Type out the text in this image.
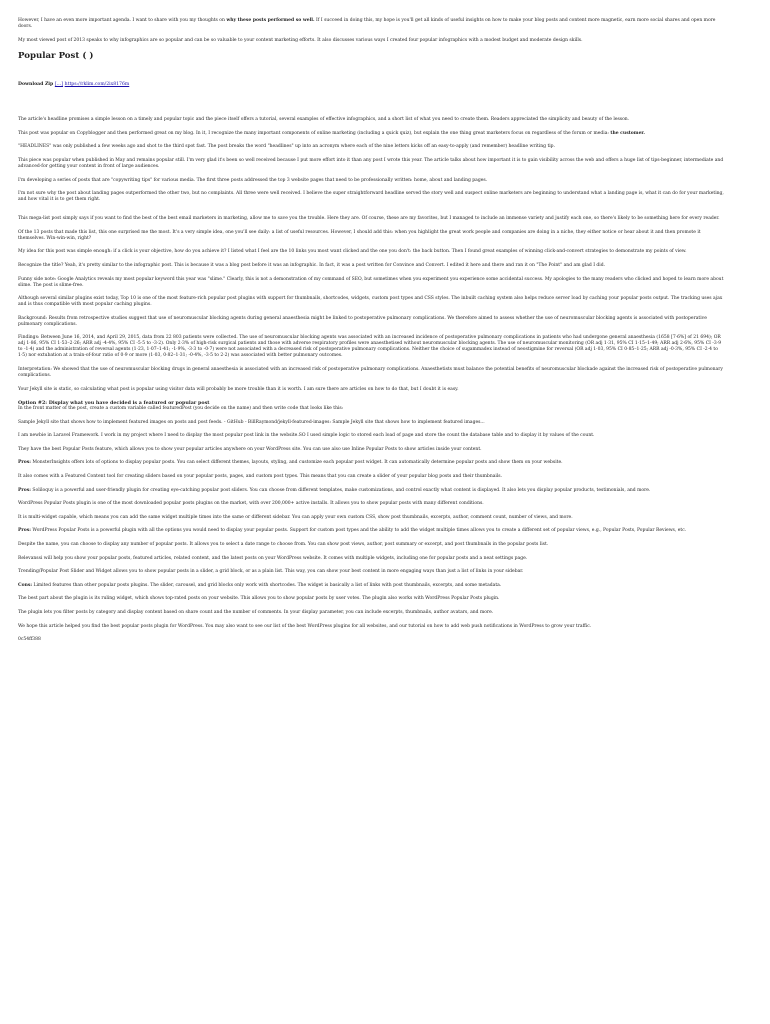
However, I have an even more important agenda. I want to share with you my thoughts on why these posts performed so well. If I succeed in doing this, my hope is you'll get all kinds of useful insights on how to make your blog posts and content more magnetic, earn more social shares and open more doors.

My most viewed post of 2013 speaks to why infographics are so popular and can be so valuable to your content marketing efforts. It also discusses various ways I created four popular infographics with a modest budget and moderate design skills.

Popular Post ( )

Download Zip […] https://rklim.com/2ix8176m

The article's headline promises a simple lesson on a timely and popular topic and the piece itself offers a tutorial, several examples of effective infographics, and a short list of what you need to create them. Readers appreciated the simplicity and beauty of the lesson.

This post was popular on Copyblogger and then performed great on my blog. In it, I recognize the many important components of online marketing (including a quick quiz), but explain the one thing great marketers focus on regardless of the forum or media: the customer.

"HEADLINES" was only published a few weeks ago and shot to the third spot fast. The post breaks the word "headlines" up into an acronym where each of the nine letters kicks off an easy-to-apply (and remember) headline writing tip.

This piece was popular when published in May and remains popular still. I'm very glad it's been so well received because I put more effort into it than any post I wrote this year. The article talks about how important it is to gain visibility across the web and offers a huge list of tips-beginner, intermediate and advanced-for getting your content in front of large audiences.

I'm developing a series of posts that are "copywriting tips" for various media. The first three posts addressed the top 3 website pages that need to be professionally written: home, about and landing pages.

I'm not sure why the post about landing pages outperformed the other two, but no complaints. All three were well received. I believe the super straightforward headline served the story well and suspect online marketers are beginning to understand what a landing page is, what it can do for your marketing, and how vital it is to get them right.

This mega-list post simply says if you want to find the best of the best email marketers in marketing, allow me to save you the trouble. Here they are. Of course, these are my favorites, but I managed to include an immense variety and justify each one, so there's likely to be something here for every reader.

Of the 13 posts that made this list, this one surprised me the most. It's a very simple idea, one you'll see daily: a list of useful resources. However, I should add this: when you highlight the great work people and companies are doing in a niche, they either notice or hear about it and then promote it themselves. Win-win-win, right?

My idea for this post was simple enough: if a click is your objective, how do you achieve it? I listed what I feel are the 10 links you most want clicked and the one you don't: the back button. Then I found great examples of winning click-and-convert strategies to demonstrate my points of view.

Recognize the title? Yeah, it's pretty similar to the infographic post. This is because it was a blog post before it was an infographic. In fact, it was a post written for Convince and Convert. I edited it here and there and ran it on "The Point" and am glad I did.

Funny side note: Google Analytics reveals my most popular keyword this year was "slime." Clearly, this is not a demonstration of my command of SEO, but sometimes when you experiment you experience some accidental success. My apologies to the many readers who clicked and hoped to learn more about slime. The post is slime-free.

Although several similar plugins exist today, Top 10 is one of the most feature-rich popular post plugins with support for thumbnails, shortcodes, widgets, custom post types and CSS styles. The inbuilt caching system also helps reduce server load by caching your popular posts output. The tracking uses ajax and is thus compatible with most popular caching plugins.

Background: Results from retrospective studies suggest that use of neuromuscular blocking agents during general anaesthesia might be linked to postoperative pulmonary complications. We therefore aimed to assess whether the use of neuromuscular blocking agents is associated with postoperative pulmonary complications.

Findings: Between June 16, 2014, and April 29, 2015, data from 22 803 patients were collected. The use of neuromuscular blocking agents was associated with an increased incidence of postoperative pulmonary complications in patients who had undergone general anaesthesia (1658 [7·6%] of 21 694); OR adj 1·86, 95% CI 1·53–2·26; ARR adj -4·4%, 95% CI -5·5 to -3·2). Only 2·3% of high-risk surgical patients and those with adverse respiratory profiles were anaesthetised without neuromuscular blocking agents. The use of neuromuscular monitoring (OR adj 1·31, 95% CI 1·15–1·49; ARR adj 2·6%, 95% CI -3·9 to -1·4) and the administration of reversal agents (1·23, 1·07–1·41; -1·9%, -3·3 to -0·7) were not associated with a decreased risk of postoperative pulmonary complications. Neither the choice of sugammadex instead of neostigmine for reversal (OR adj 1·03, 95% CI 0·85–1·25; ARR adj -0·3%, 95% CI -2·4 to 1·5) nor extubation at a train-of-four ratio of 0·9 or more (1·03, 0·82–1·31; -0·4%, -3·5 to 2·2) was associated with better pulmonary outcomes.

Interpretation: We showed that the use of neuromuscular blocking drugs in general anaesthesia is associated with an increased risk of postoperative pulmonary complications. Anaesthetists must balance the potential benefits of neuromuscular blockade against the increased risk of postoperative pulmonary complications.

Your Jekyll site is static, so calculating what post is popular using visitor data will probably be more trouble than it is worth. I am sure there are articles on how to do that, but I doubt it is easy.

Option #2: Display what you have decided is a featured or popular post

In the front matter of the post, create a custom variable called featuredPost (you decide on the name) and then write code that looks like this:

Sample Jekyll site that shows how to implement featured images on posts and post feeds. - GitHub - BillRaymond/jekyll-featured-images: Sample Jekyll site that shows how to implement featured images...

I am newbie in Laravel Framework. I work in my project where I need to display the most popular post link in the website.SO I used simple logic to stored each load of page and store the count the database table and to display it by values of the count.

They have the best Popular Posts feature, which allows you to show your popular articles anywhere on your WordPress site. You can use also use Inline Popular Posts to show articles inside your content.

Pros: MonsterInsights offers lots of options to display popular posts. You can select different themes, layouts, styling, and customize each popular post widget. It can automatically determine popular posts and show them on your website.

It also comes with a Featured Content tool for creating sliders based on your popular posts, pages, and custom post types. This means that you can create a slider of your popular blog posts and their thumbnails.

Pros: Soliloquy is a powerful and user-friendly plugin for creating eye-catching popular post sliders. You can choose from different templates, make customizations, and control exactly what content is displayed. It also lets you display popular products, testimonials, and more.

WordPress Popular Posts plugin is one of the most downloaded popular posts plugins on the market, with over 200,000+ active installs. It allows you to show popular posts with many different conditions.

It is multi-widget capable, which means you can add the same widget multiple times into the same or different sidebar. You can apply your own custom CSS, show post thumbnails, excerpts, author, comment count, number of views, and more.

Pros: WordPress Popular Posts is a powerful plugin with all the options you would need to display your popular posts. Support for custom post types and the ability to add the widget multiple times allows you to create a different set of popular views, e.g., Popular Posts, Popular Reviews, etc.

Despite the name, you can choose to display any number of popular posts. It allows you to select a date range to choose from. You can show post views, author, post summary or excerpt, and post thumbnails in the popular posts list.

Relevanssi will help you show your popular posts, featured articles, related content, and the latest posts on your WordPress website. It comes with multiple widgets, including one for popular posts and a neat settings page.

Trending/Popular Post Slider and Widget allows you to show popular posts in a slider, a grid block, or as a plain list. This way, you can show your best content in more engaging ways than just a list of links in your sidebar.

Cons: Limited features than other popular posts plugins. The slider, carousel, and grid blocks only work with shortcodes. The widget is basically a list of links with post thumbnails, excerpts, and some metadata.

The best part about the plugin is its ruling widget, which shows top-rated posts on your website. This allows you to show popular posts by user votes. The plugin also works with WordPress Popular Posts plugin.

The plugin lets you filter posts by category and display content based on share count and the number of comments. In your display parameter, you can include excerpts, thumbnails, author avatars, and more.

We hope this article helped you find the best popular posts plugin for WordPress. You may also want to see our list of the best WordPress plugins for all websites, and our tutorial on how to add web push notifications in WordPress to grow your traffic.

0c54ff388
